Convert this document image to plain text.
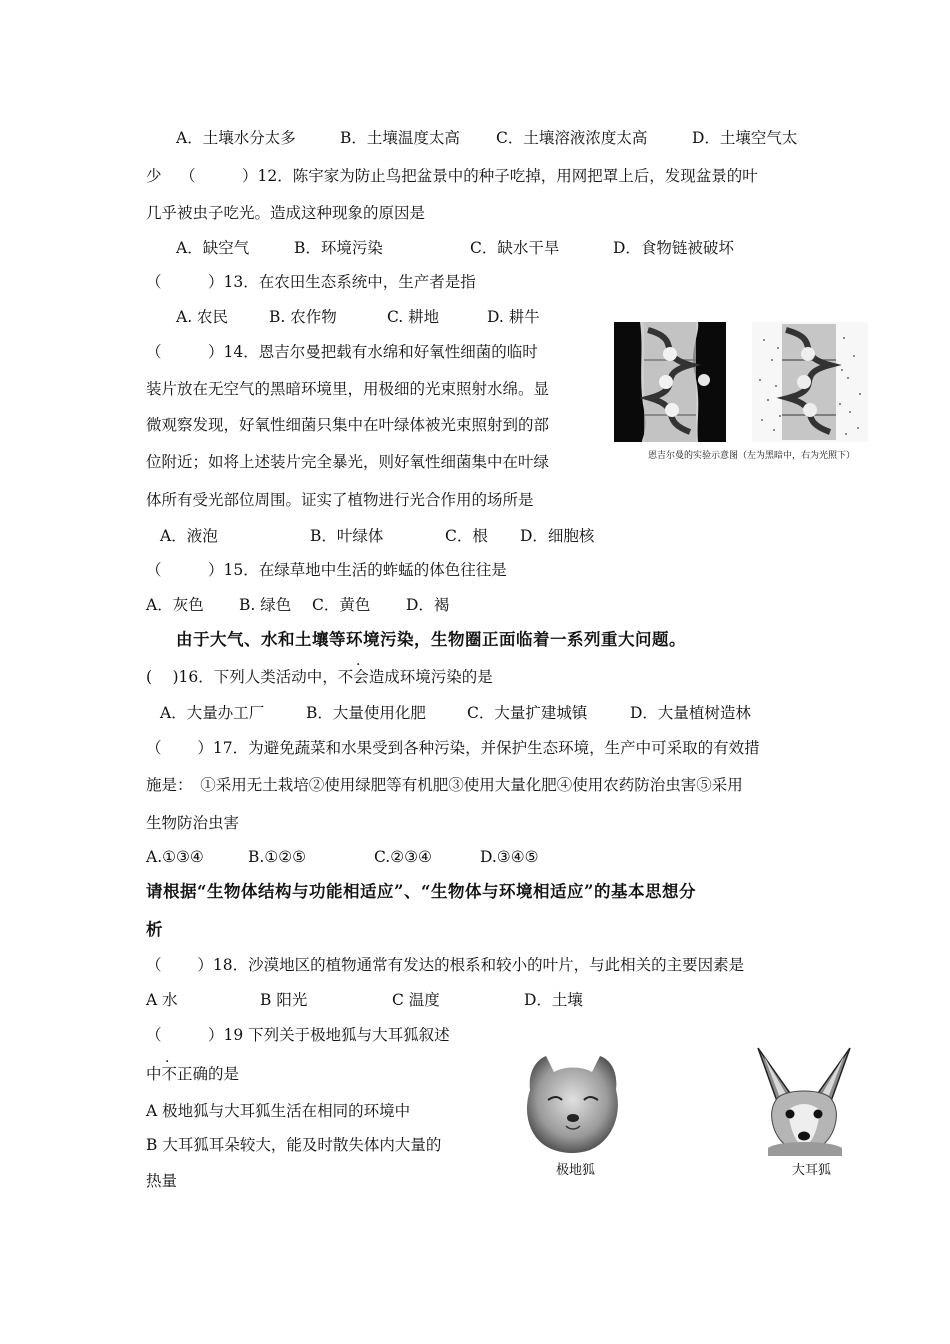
A．土壤水分太多	B．土壤温度太高 C．土壤溶液浓度太高	D．土壤空气太
少 （　　　）12．陈宇家为防止鸟把盆景中的种子吃掉，用网把罩上后，发现盆景的叶
几乎被虫子吃光。造成这种现象的原因是
A．缺空气	B．环境污染	C．缺水干旱	D．食物链被破坏
（　　　）13．在农田生态系统中，生产者是指
A. 农民	B. 农作物	C. 耕地	D. 耕牛
（　　　）14．恩吉尔曼把载有水绵和好氧性细菌的临时
装片放在无空气的黑暗环境里，用极细的光束照射水绵。显
微观察发现，好氧性细菌只集中在叶绿体被光束照射到的部
位附近；如将上述装片完全暴光，则好氧性细菌集中在叶绿
体所有受光部位周围。证实了植物进行光合作用的场所是
A．液泡	B．叶绿体	C．根 D．细胞核
恩吉尔曼的实验示意图（左为黑暗中，右为光照下）
（　　　）15．在绿草地中生活的蚱蜢的体色往往是
A．灰色 B. 绿色 C．黄色 D．褐
由于大气、水和土壤等环境污染，生物圈正面临着一系列重大问题。
.
(　 )16．下列人类活动中，不会造成环境污染的是
A．大量办工厂	B．大量使用化肥	C．大量扩建城镇	D．大量植树造林
（　　 ）17．为避免蔬菜和水果受到各种污染，并保护生态环境，生产中可采取的有效措
施是：　①采用无土栽培②使用绿肥等有机肥③使用大量化肥④使用农药防治虫害⑤采用
生物防治虫害
A.①③④	B.①②⑤	C.②③④	D.③④⑤
请根据“生物体结构与功能相适应”、“生物体与环境相适应”的基本思想分
析
（　　 ）18．沙漠地区的植物通常有发达的根系和较小的叶片，与此相关的主要因素是
A 水	B 阳光	C 温度	D．土壤
（　　　）19 下列关于极地狐与大耳狐叙述
.
中不正确的是
A 极地狐与大耳狐生活在相同的环境中
B 大耳狐耳朵较大，能及时散失体内大量的
热量
极地狐	大耳狐
